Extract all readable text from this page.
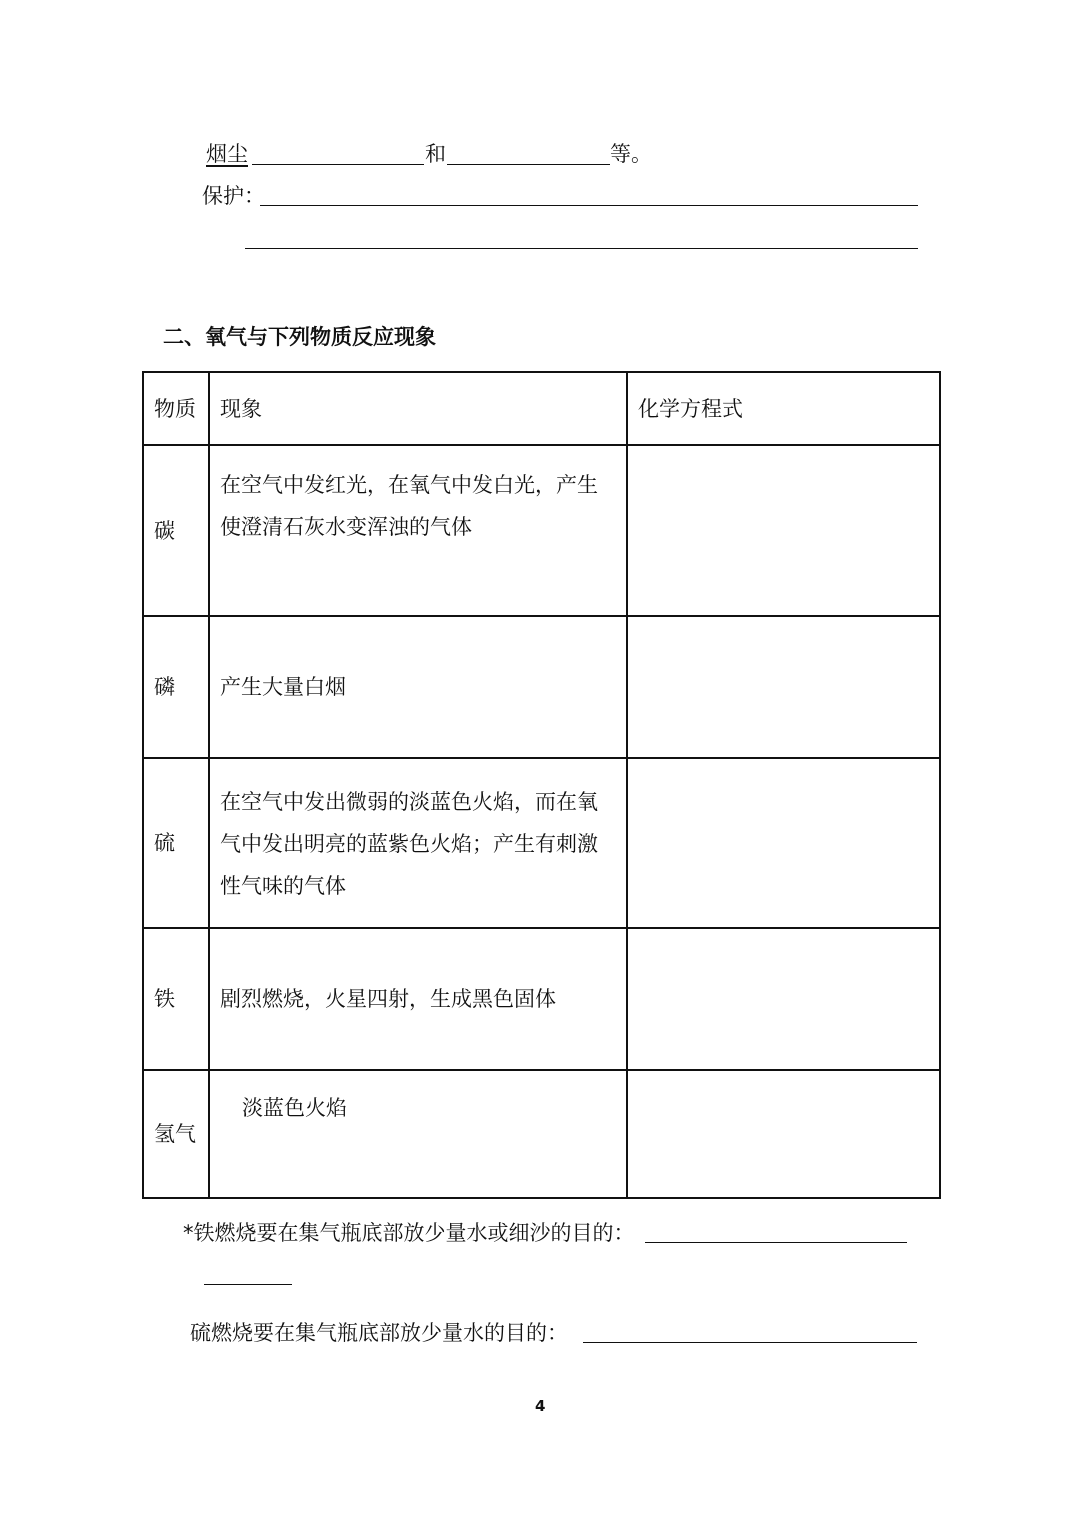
烟尘	和	等。
保护：
二、氧气与下列物质反应现象
物质	现象	化学方程式
碳	在空气中发红光，在氧气中发白光，产生使澄清石灰水变浑浊的气体	

磷	产生大量白烟	

硫	在空气中发出微弱的淡蓝色火焰，而在氧气中发出明亮的蓝紫色火焰；产生有刺激性气味的气体	

铁	剧烈燃烧，火星四射，生成黑色固体	

氢气	淡蓝色火焰	

*铁燃烧要在集气瓶底部放少量水或细沙的目的：
硫燃烧要在集气瓶底部放少量水的目的：
4
